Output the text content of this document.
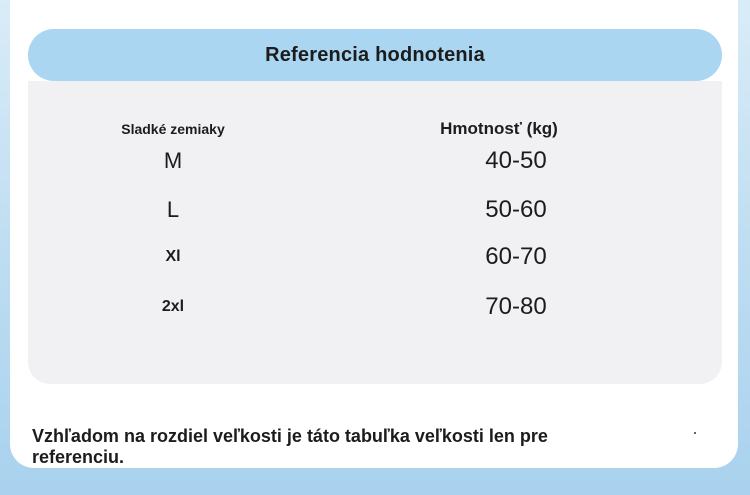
Referencia hodnotenia
Sladké zemiaky	Hmotnosť (kg)
M	40-50
L	50-60
Xl	60-70
2xl	70-80
Vzhľadom na rozdiel veľkosti je táto tabuľka veľkosti len pre referenciu.
